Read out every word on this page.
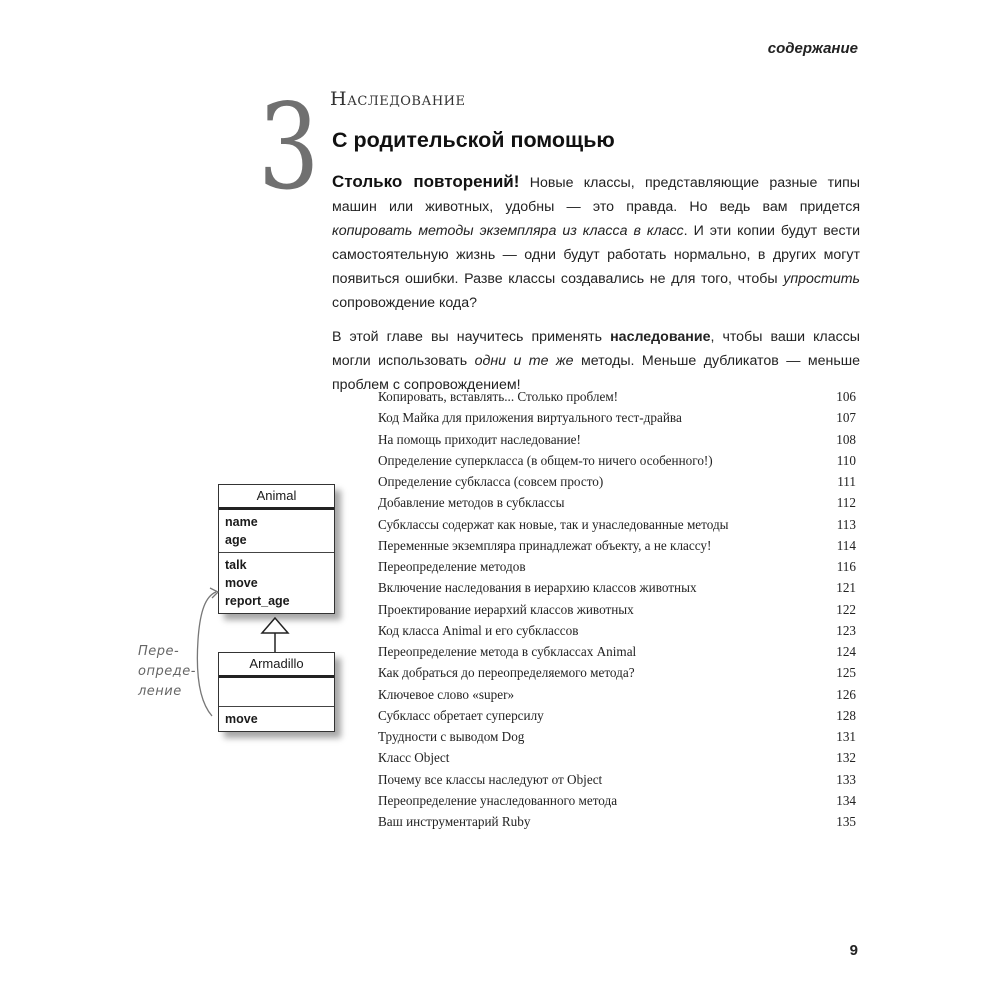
содержание
3 Наследование
С родительской помощью

Столько повторений! Новые классы, представляющие разные типы машин или животных, удобны — это правда. Но ведь вам придется копировать методы экземпляра из класса в класс. И эти копии будут вести самостоятельную жизнь — одни будут работать нормально, в других могут появиться ошибки. Разве классы создавались не для того, чтобы упростить сопровождение кода?

В этой главе вы научитесь применять наследование, чтобы ваши классы могли использовать одни и те же методы. Меньше дубликатов — меньше проблем с сопровождением!

Animal
name
age
talk
move
report_age
Armadillo
move
Пере-
опреде-
ление
Копировать, вставлять... Столько проблем!	106
Код Майка для приложения виртуального тест-драйва	107
На помощь приходит наследование!	108
Определение суперкласса (в общем-то ничего особенного!)	110
Определение субкласса (совсем просто)	111
Добавление методов в субклассы	112
Субклассы содержат как новые, так и унаследованные методы	113
Переменные экземпляра принадлежат объекту, а не классу!	114
Переопределение методов	116
Включение наследования в иерархию классов животных	121
Проектирование иерархий классов животных	122
Код класса Animal и его субклассов	123
Переопределение метода в субклассах Animal	124
Как добраться до переопределяемого метода?	125
Ключевое слово «super»	126
Субкласс обретает суперсилу	128
Трудности с выводом Dog	131
Класс Object	132
Почему все классы наследуют от Object	133
Переопределение унаследованного метода	134
Ваш инструментарий Ruby	135
9
